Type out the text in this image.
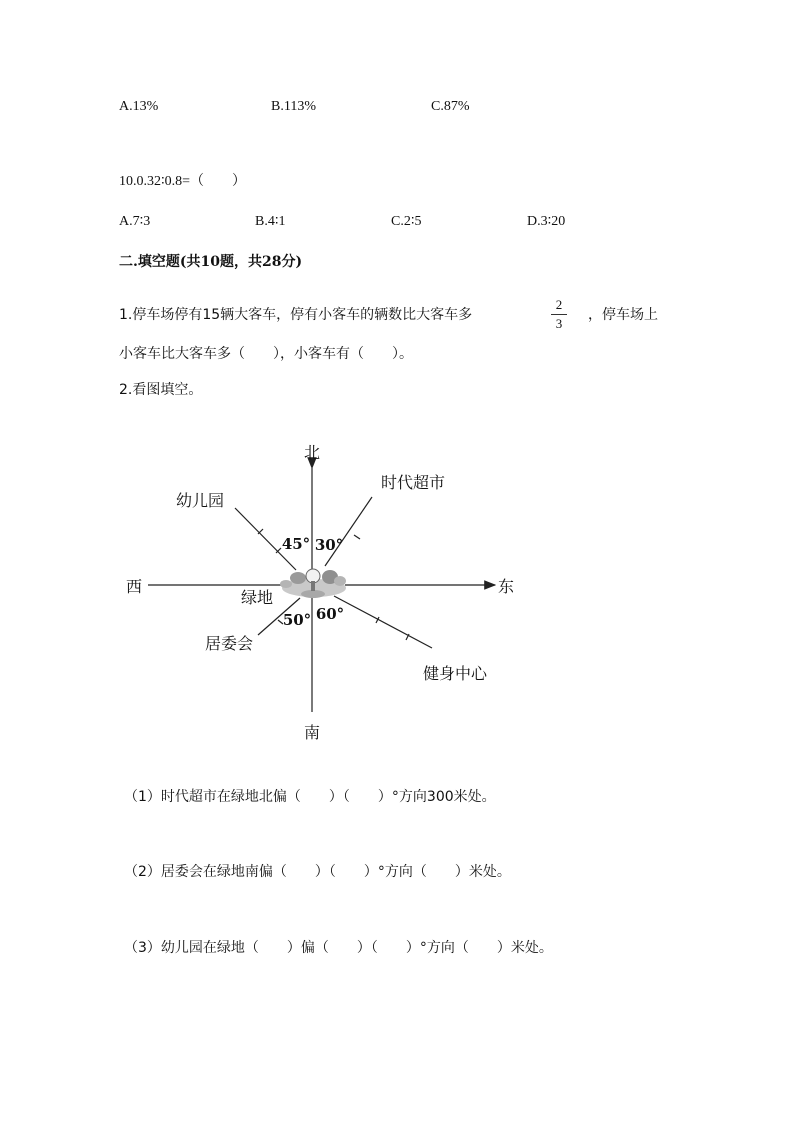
A.13%	B.113%	C.87%
10.0.32∶0.8=（　　）
A.7∶3	B.4∶1	C.2∶5	D.3∶20
二.填空题(共10题，共28分)
1.停车场停有15辆大客车，停有小客车的辆数比大客车多
2
3
，停车场上
小客车比大客车多（　　），小客车有（　　）。
2.看图填空。
北
南
东
西
绿地
时代超市
幼儿园
居委会
健身中心
45° 30°
50° 60°
（1）时代超市在绿地北偏（　　）（　　）°方向300米处。
（2）居委会在绿地南偏（　　）（　　）°方向（　　）米处。
（3）幼儿园在绿地（　　）偏（　　）（　　）°方向（　　）米处。
